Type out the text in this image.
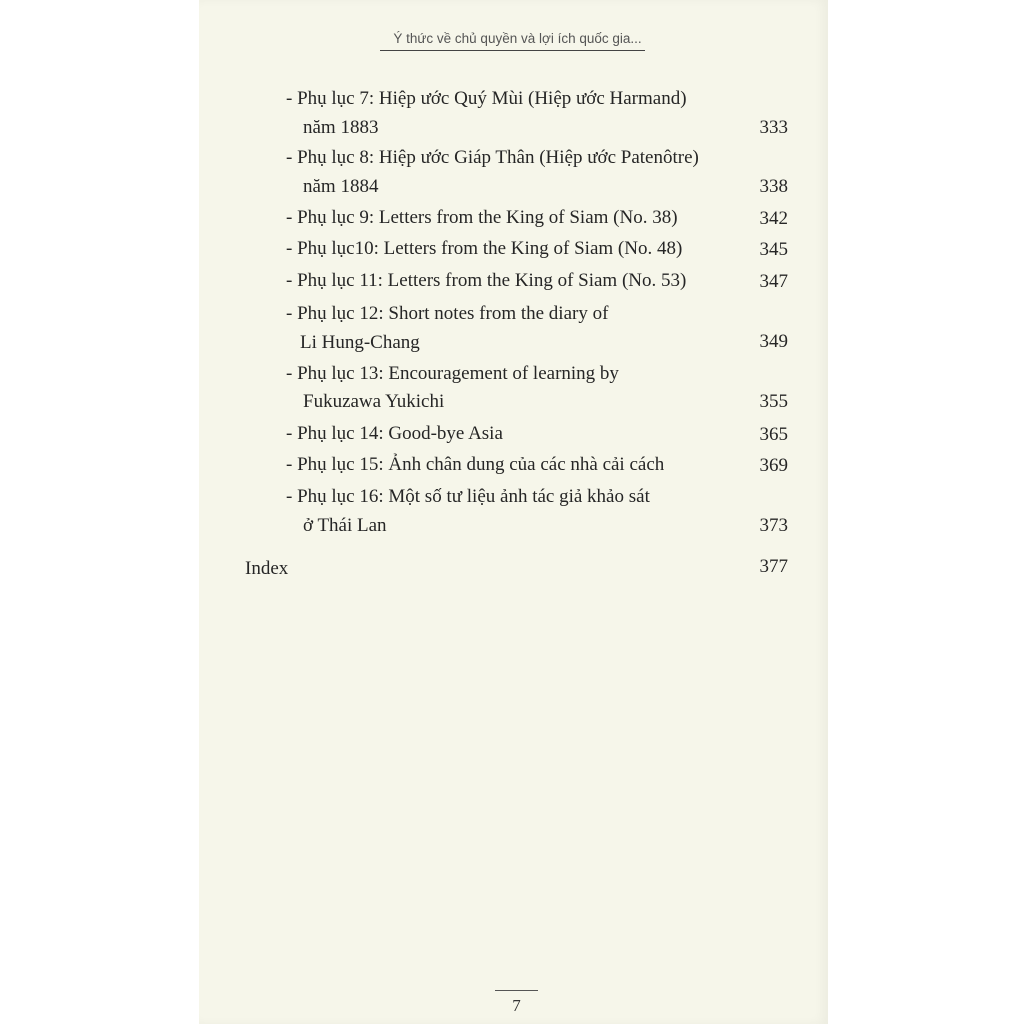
Ý thức về chủ quyền và lợi ích quốc gia...
- Phụ lục 7: Hiệp ước Quý Mùi (Hiệp ước Harmand)
năm 1883	333
- Phụ lục 8: Hiệp ước Giáp Thân (Hiệp ước Patenôtre)
năm 1884	338
- Phụ lục 9: Letters from the King of Siam (No. 38)	342
- Phụ lục10: Letters from the King of Siam (No. 48)	345
- Phụ lục 11: Letters from the King of Siam (No. 53)	347
- Phụ lục 12: Short notes from the diary of
Li Hung-Chang	349
- Phụ lục 13: Encouragement of learning by
Fukuzawa Yukichi	355
- Phụ lục 14: Good-bye Asia	365
- Phụ lục 15: Ảnh chân dung của các nhà cải cách	369
- Phụ lục 16: Một số tư liệu ảnh tác giả khảo sát
ở Thái Lan	373
Index	377
7
